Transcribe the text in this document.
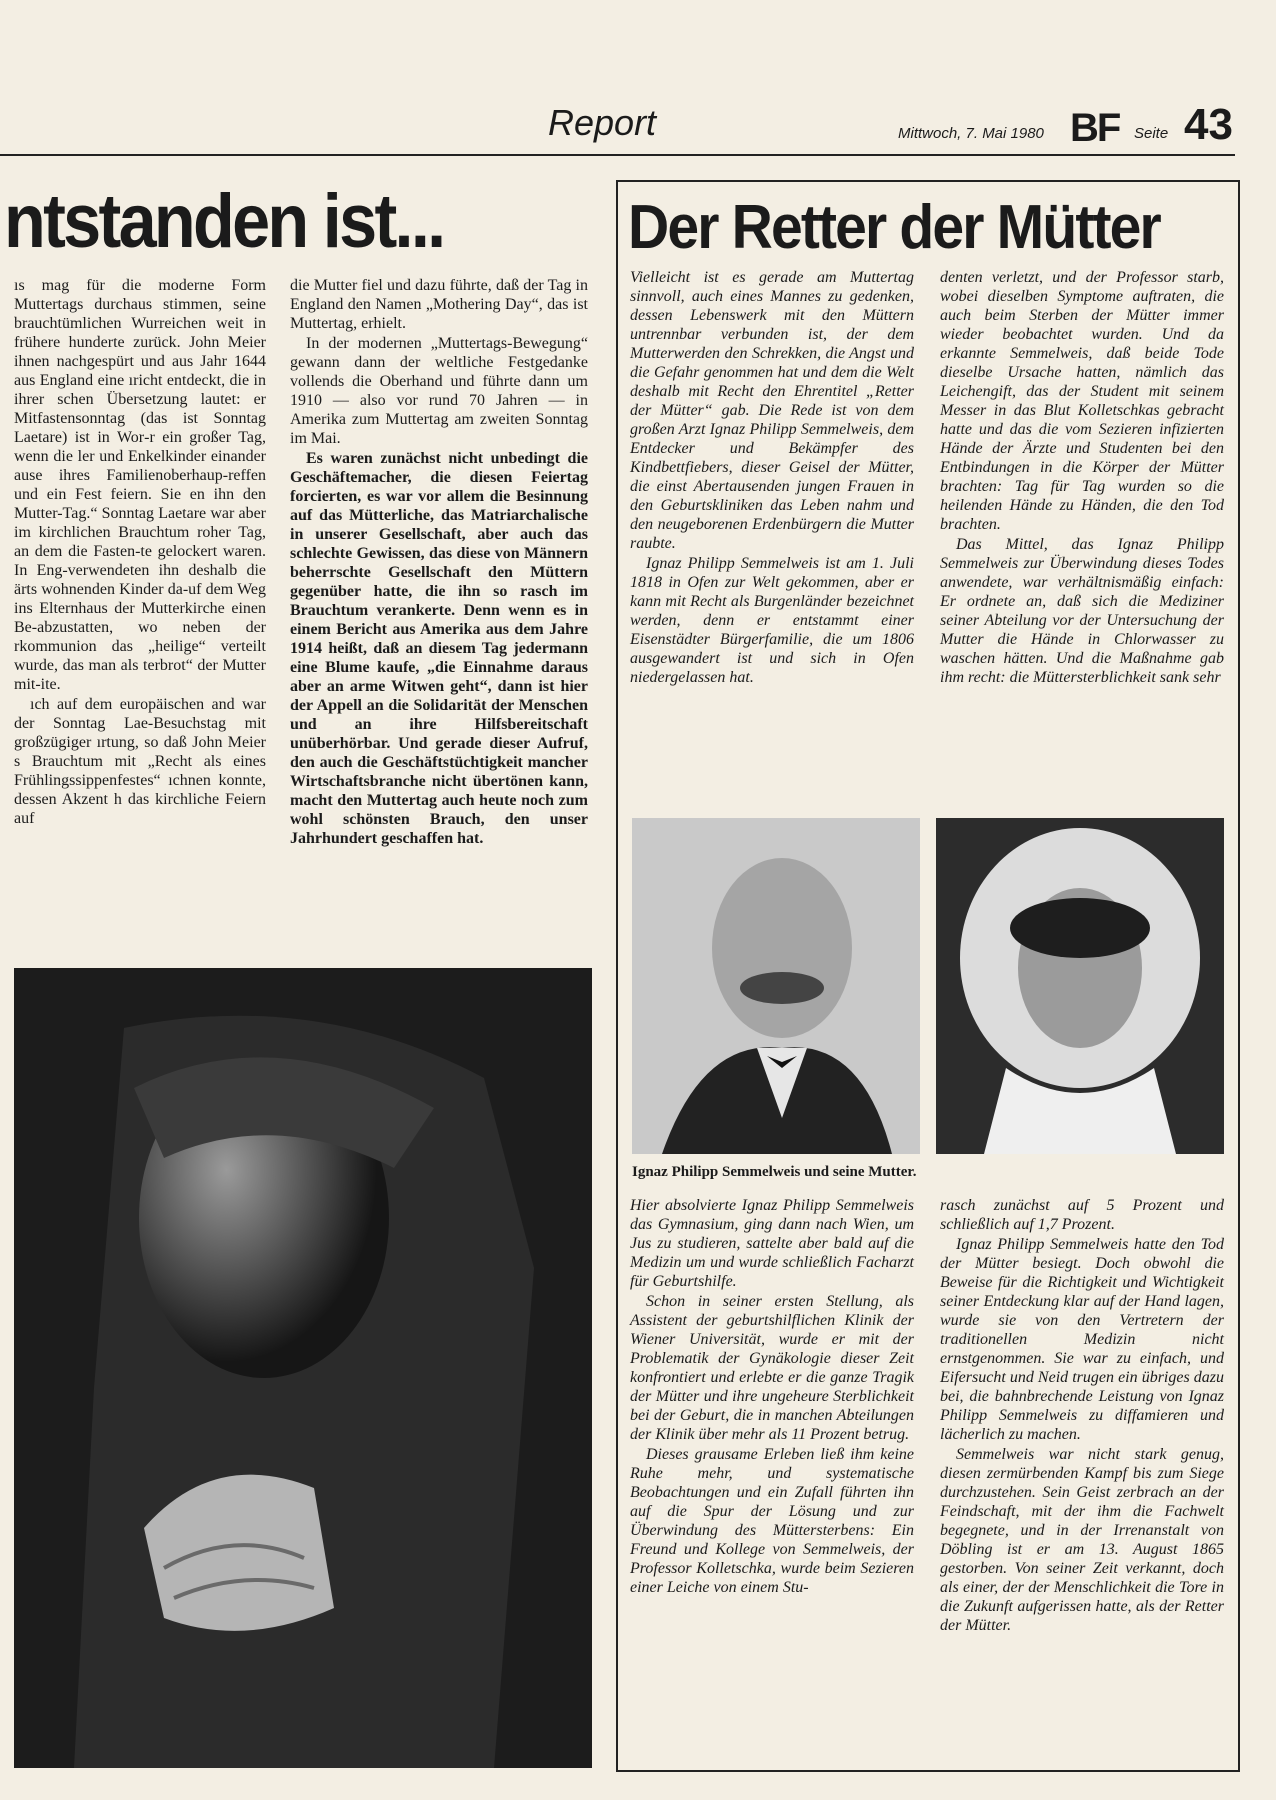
Report	Mittwoch, 7. Mai 1980 BF Seite 43
ntstanden ist...

ıs mag für die moderne Form Muttertags durchaus stimmen, seine brauchtümlichen Wurreichen weit in frühere hunderte zurück. John Meier ihnen nachgespürt und aus Jahr 1644 aus England eine ıricht entdeckt, die in ihrer schen Übersetzung lautet: er Mitfastensonntag (das ist Sonntag Laetare) ist in Wor‑r ein großer Tag, wenn die ler und Enkelkinder einander ause ihres Familienoberhaup‑reffen und ein Fest feiern. Sie en ihn den Mutter-Tag.“ Sonntag Laetare war aber im kirchlichen Brauchtum roher Tag, an dem die Fasten‑te gelockert waren. In Eng‑verwendeten ihn deshalb die ärts wohnenden Kinder da‑uf dem Weg ins Elternhaus der Mutterkirche einen Be‑abzustatten, wo neben der rkommunion das „heilige“ verteilt wurde, das man als terbrot“ der Mutter mit‑ite.

ıch auf dem europäischen and war der Sonntag Lae‑Besuchstag mit großzügiger ırtung, so daß John Meier s Brauchtum mit „Recht als eines Frühlingssippenfestes“ ıchnen konnte, dessen Akzent h das kirchliche Feiern auf

die Mutter fiel und dazu führte, daß der Tag in England den Namen „Mothering Day“, das ist Muttertag, erhielt.

In der modernen „Muttertags-Bewegung“ gewann dann der weltliche Festgedanke vollends die Oberhand und führte dann um 1910 — also vor rund 70 Jahren — in Amerika zum Muttertag am zweiten Sonntag im Mai.

Es waren zunächst nicht unbedingt die Geschäftemacher, die diesen Feiertag forcierten, es war vor allem die Besinnung auf das Mütterliche, das Matriarchalische in unserer Gesellschaft, aber auch das schlechte Gewissen, das diese von Männern beherrschte Gesellschaft den Müttern gegenüber hatte, die ihn so rasch im Brauchtum verankerte. Denn wenn es in einem Bericht aus Amerika aus dem Jahre 1914 heißt, daß an diesem Tag jedermann eine Blume kaufe, „die Einnahme daraus aber an arme Witwen geht“, dann ist hier der Appell an die Solidarität der Menschen und an ihre Hilfsbereitschaft unüberhörbar. Und gerade dieser Aufruf, den auch die Geschäftstüchtigkeit mancher Wirtschaftsbranche nicht übertönen kann, macht den Muttertag auch heute noch zum wohl schönsten Brauch, den unser Jahrhundert geschaffen hat.

Der Retter der Mütter

Vielleicht ist es gerade am Muttertag sinnvoll, auch eines Mannes zu gedenken, dessen Lebenswerk mit den Müttern untrennbar verbunden ist, der dem Mutterwerden den Schrekken, die Angst und die Gefahr genommen hat und dem die Welt deshalb mit Recht den Ehrentitel „Retter der Mütter“ gab. Die Rede ist von dem großen Arzt Ignaz Philipp Semmelweis, dem Entdecker und Bekämpfer des Kindbettfiebers, dieser Geisel der Mütter, die einst Abertausenden jungen Frauen in den Geburtskliniken das Leben nahm und den neugeborenen Erdenbürgern die Mutter raubte.

Ignaz Philipp Semmelweis ist am 1. Juli 1818 in Ofen zur Welt gekommen, aber er kann mit Recht als Burgenländer bezeichnet werden, denn er entstammt einer Eisenstädter Bürgerfamilie, die um 1806 ausgewandert ist und sich in Ofen niedergelassen hat.

denten verletzt, und der Professor starb, wobei dieselben Symptome auftraten, die auch beim Sterben der Mütter immer wieder beobachtet wurden. Und da erkannte Semmelweis, daß beide Tode dieselbe Ursache hatten, nämlich das Leichengift, das der Student mit seinem Messer in das Blut Kolletschkas gebracht hatte und das die vom Sezieren infizierten Hände der Ärzte und Studenten bei den Entbindungen in die Körper der Mütter brachten: Tag für Tag wurden so die heilenden Hände zu Händen, die den Tod brachten.

Das Mittel, das Ignaz Philipp Semmelweis zur Überwindung dieses Todes anwendete, war verhältnismäßig einfach: Er ordnete an, daß sich die Mediziner seiner Abteilung vor der Untersuchung der Mutter die Hände in Chlorwasser zu waschen hätten. Und die Maßnahme gab ihm recht: die Müttersterblichkeit sank sehr

Ignaz Philipp Semmelweis und seine Mutter.

Hier absolvierte Ignaz Philipp Semmelweis das Gymnasium, ging dann nach Wien, um Jus zu studieren, sattelte aber bald auf die Medizin um und wurde schließlich Facharzt für Geburtshilfe.

Schon in seiner ersten Stellung, als Assistent der geburtshilflichen Klinik der Wiener Universität, wurde er mit der Problematik der Gynäkologie dieser Zeit konfrontiert und erlebte er die ganze Tragik der Mütter und ihre ungeheure Sterblichkeit bei der Geburt, die in manchen Abteilungen der Klinik über mehr als 11 Prozent betrug.

Dieses grausame Erleben ließ ihm keine Ruhe mehr, und systematische Beobachtungen und ein Zufall führten ihn auf die Spur der Lösung und zur Überwindung des Müttersterbens: Ein Freund und Kollege von Semmelweis, der Professor Kolletschka, wurde beim Sezieren einer Leiche von einem Stu‑

rasch zunächst auf 5 Prozent und schließlich auf 1,7 Prozent.

Ignaz Philipp Semmelweis hatte den Tod der Mütter besiegt. Doch obwohl die Beweise für die Richtigkeit und Wichtigkeit seiner Entdeckung klar auf der Hand lagen, wurde sie von den Vertretern der traditionellen Medizin nicht ernstgenommen. Sie war zu einfach, und Eifersucht und Neid trugen ein übriges dazu bei, die bahnbrechende Leistung von Ignaz Philipp Semmelweis zu diffamieren und lächerlich zu machen.

Semmelweis war nicht stark genug, diesen zermürbenden Kampf bis zum Siege durchzustehen. Sein Geist zerbrach an der Feindschaft, mit der ihm die Fachwelt begegnete, und in der Irrenanstalt von Döbling ist er am 13. August 1865 gestorben. Von seiner Zeit verkannt, doch als einer, der der Menschlichkeit die Tore in die Zukunft aufgerissen hatte, als der Retter der Mütter.
